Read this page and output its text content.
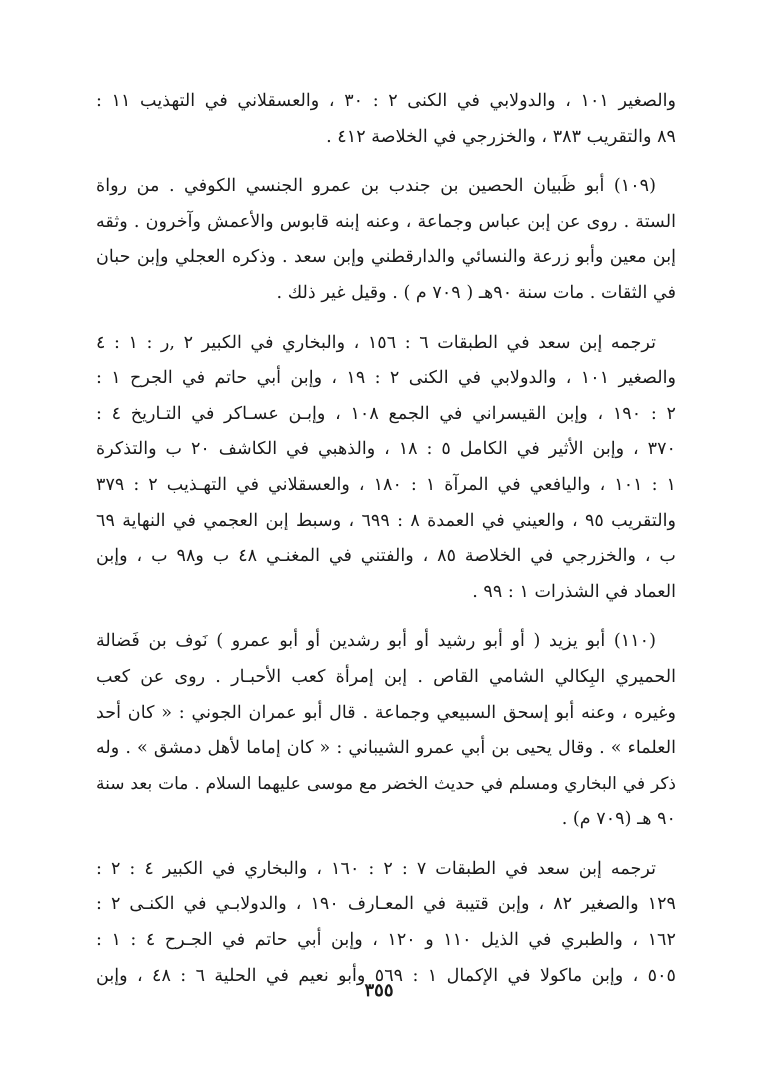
والصغير ١٠١ ، والدولابي في الكنى ٢ : ٣٠ ، والعسقلاني في التهذيب ١١ :
٨٩ والتقريب ٣٨٣ ، والخزرجي في الخلاصة ٤١٢ .
(١٠٩) أبو ظَبيان الحصين بن جندب بن عمرو الجنسي الكوفي . من رواة
الستة . روى عن إبن عباس وجماعة ، وعنه إبنه قابوس والأعمش وآخرون . وثقه
إبن معين وأبو زرعة والنسائي والدارقطني وإبن سعد . وذكره العجلي وإبن حبان
في الثقات . مات سنة ٩٠هـ ( ٧٠٩ م ) . وقيل غير ذلك .
ترجمه إبن سعد في الطبقات ٦ : ١٥٦ ، والبخاري في الكبير ٢ ,ر : ١ : ٤
والصغير ١٠١ ، والدولابي في الكنى ٢ : ١٩ ، وإبن أبي حاتم في الجرح ١ :
٢ : ١٩٠ ، وإبن القيسراني في الجمع ١٠٨ ، وإبـن عسـاكر في التـاريخ ٤ :
٣٧٠ ، وإبن الأثير في الكامل ٥ : ١٨ ، والذهبي في الكاشف ٢٠ ب والتذكرة
١ : ١٠١ ، واليافعي في المرآة ١ : ١٨٠ ، والعسقلاني في التهـذيب ٢ : ٣٧٩
والتقريب ٩٥ ، والعيني في العمدة ٨ : ٦٩٩ ، وسبط إبن العجمي في النهاية ٦٩
ب ، والخزرجي في الخلاصة ٨٥ ، والفتني في المغنـي ٤٨ ب و٩٨ ب ، وإبن
العماد في الشذرات ١ : ٩٩ .
(١١٠) أبو يزيد ( أو أبو رشيد أو أبو رشدين أو أبو عمرو ) نَوف بن فَضالة
الحميري البِكالي الشامي القاص . إبن إمرأة كعب الأحبـار . روى عن كعب
وغيره ، وعنه أبو إسحق السبيعي وجماعة . قال أبو عمران الجوني : « كان أحد
العلماء » . وقال يحيى بن أبي عمرو الشيباني : « كان إماما لأهل دمشق » . وله
ذكر في البخاري ومسلم في حديث الخضر مع موسى عليهما السلام . مات بعد سنة
٩٠ هـ (٧٠٩ م) .
ترجمه إبن سعد في الطبقات ٧ : ٢ : ١٦٠ ، والبخاري في الكبير ٤ : ٢ :
١٢٩ والصغير ٨٢ ، وإبن قتيبة في المعـارف ١٩٠ ، والدولابـي في الكنـى ٢ :
١٦٢ ، والطبري في الذيل ١١٠ و ١٢٠ ، وإبن أبي حاتم في الجـرح ٤ : ١ :
٥٠٥ ، وإبن ماكولا في الإكمال ١ : ٥٦٩ وأبو نعيم في الحلية ٦ : ٤٨ ، وإبن
٣٥٥
